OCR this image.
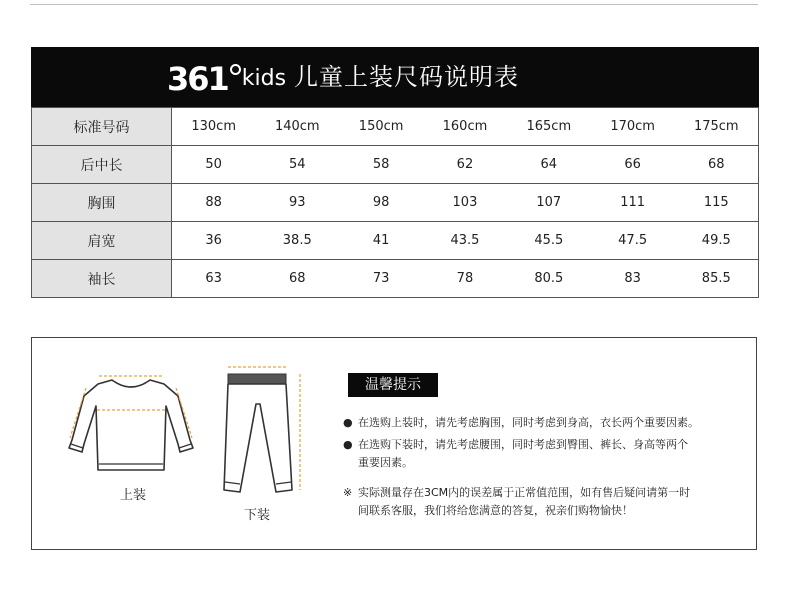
361 kids 儿童上装尺码说明表
标准号码	130cm	140cm	150cm	160cm	165cm	170cm	175cm
后中长	50	54	58	62	64	66	68
胸围	88	93	98	103	107	111	115
肩宽	36	38.5	41	43.5	45.5	47.5	49.5
袖长	63	68	73	78	80.5	83	85.5
上装
下装
温馨提示
● 在选购上装时，请先考虑胸围，同时考虑到身高，衣长两个重要因素。
● 在选购下装时，请先考虑腰围，同时考虑到臀围、裤长、身高等两个
重要因素。
※ 实际测量存在3CM内的误差属于正常值范围，如有售后疑问请第一时
间联系客服，我们将给您满意的答复，祝亲们购物愉快！
